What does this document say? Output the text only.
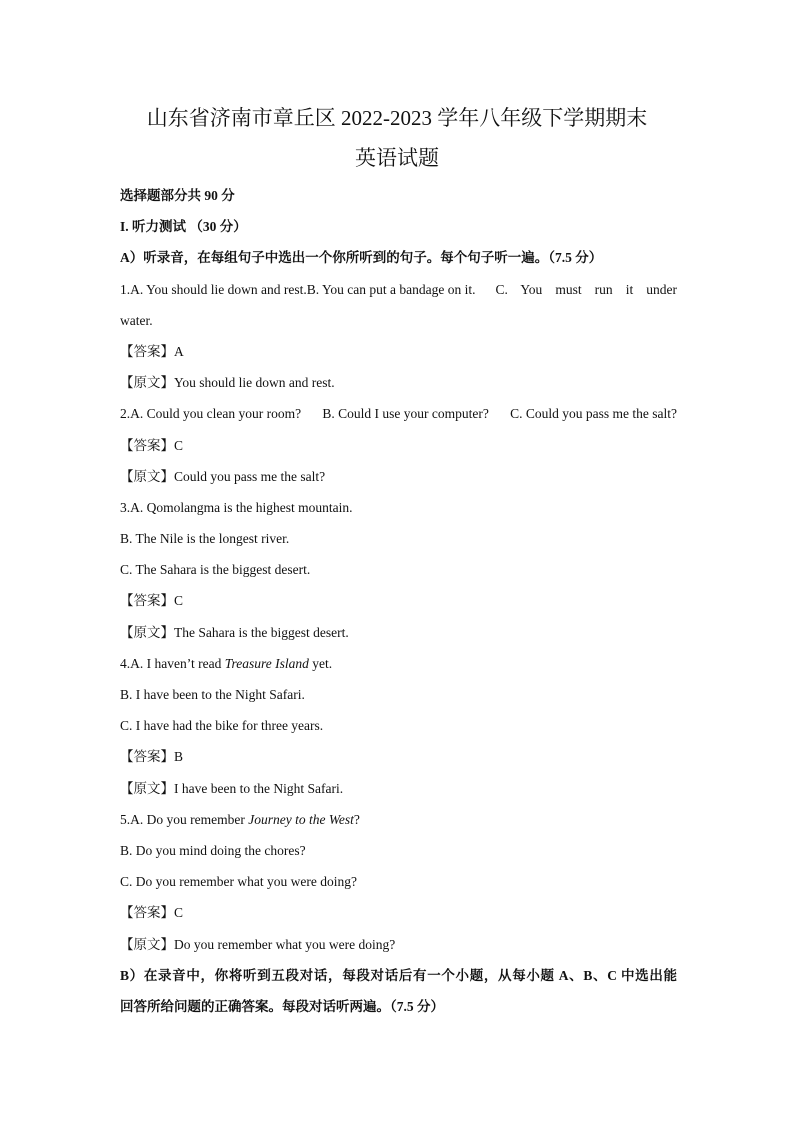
山东省济南市章丘区 2022-2023 学年八年级下学期期末
英语试题
选择题部分共 90 分
I. 听力测试 （30 分）
A）听录音，在每组句子中选出一个你所听到的句子。每个句子听一遍。（7.5 分）
1.A. You should lie down and rest.B. You can put a bandage on it. C. You must run it under
water.
【答案】A
【原文】You should lie down and rest.
2.A. Could you clean your room? B. Could I use your computer? C. Could you pass me the salt?
【答案】C
【原文】Could you pass me the salt?
3.A. Qomolangma is the highest mountain.
B. The Nile is the longest river.
C. The Sahara is the biggest desert.
【答案】C
【原文】The Sahara is the biggest desert.
4.A. I haven’t read Treasure Island yet.
B. I have been to the Night Safari.
C. I have had the bike for three years.
【答案】B
【原文】I have been to the Night Safari.
5.A. Do you remember Journey to the West?
B. Do you mind doing the chores?
C. Do you remember what you were doing?
【答案】C
【原文】Do you remember what you were doing?
B）在录音中，你将听到五段对话，每段对话后有一个小题，从每小题 A、B、C 中选出能
回答所给问题的正确答案。每段对话听两遍。（7.5 分）
